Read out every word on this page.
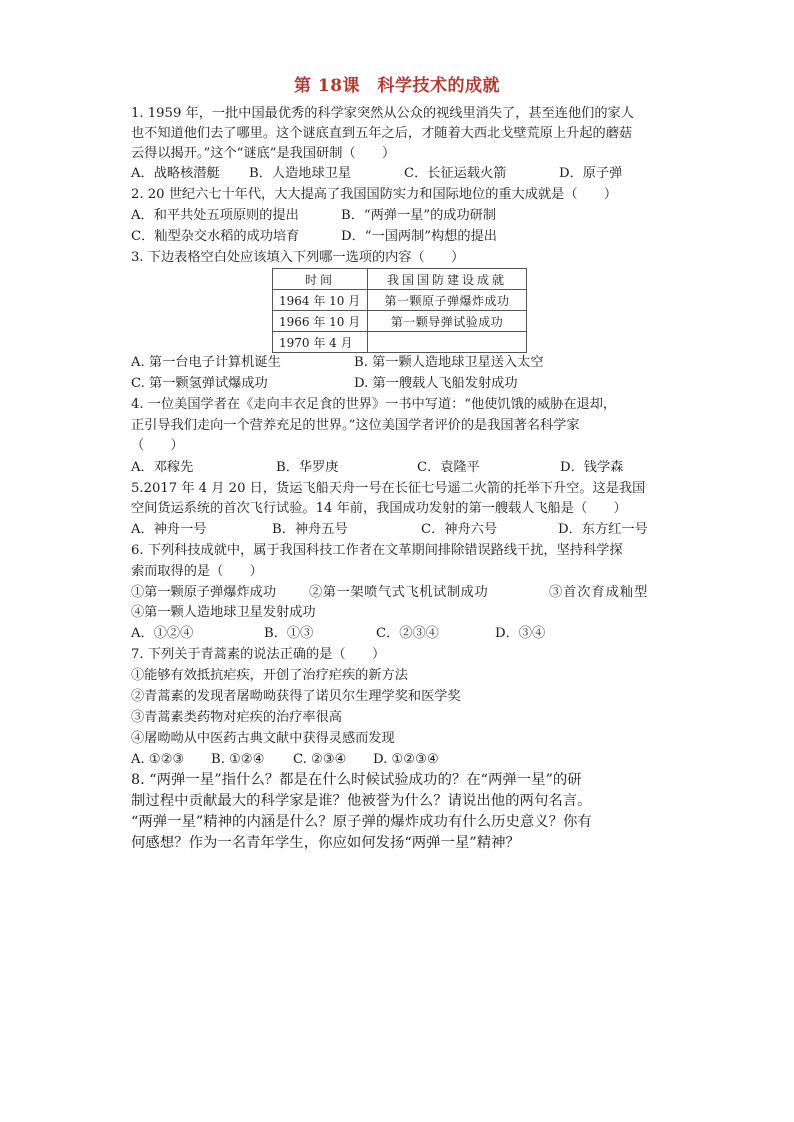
第 18课　科学技术的成就
1. 1959 年，一批中国最优秀的科学家突然从公众的视线里消失了，甚至连他们的家人
也不知道他们去了哪里。这个谜底直到五年之后，才随着大西北戈壁荒原上升起的蘑菇
云得以揭开。”这个“谜底”是我国研制（　　）
A．战略核潜艇 B．人造地球卫星	C．长征运载火箭	D．原子弹
2. 20 世纪六七十年代，大大提高了我国国防实力和国际地位的重大成就是（　　）
A．和平共处五项原则的提出	B．“两弹一星”的成功研制
C．籼型杂交水稻的成功培育	D．“一国两制”构想的提出
3. 下边表格空白处应该填入下列哪一选项的内容（　　）
时间	我国国防建设成就
1964 年 10 月	第一颗原子弹爆炸成功
1966 年 10 月	第一颗导弹试验成功
1970 年 4 月	
A. 第一台电子计算机诞生	B. 第一颗人造地球卫星送入太空
C. 第一颗氢弹试爆成功	D. 第一艘载人飞船发射成功
4. 一位美国学者在《走向丰衣足食的世界》一书中写道：“他使饥饿的威胁在退却，
正引导我们走向一个营养充足的世界。”这位美国学者评价的是我国著名科学家
（　　）
A．邓稼先	B．华罗庚	C．袁隆平	D．钱学森
5.2017 年 4 月 20 日，货运飞船天舟一号在长征七号遥二火箭的托举下升空。这是我国
空间货运系统的首次飞行试验。14 年前，我国成功发射的第一艘载人飞船是（　　）
A．神舟一号	B．神舟五号	C．神舟六号	D．东方红一号
6. 下列科技成就中，属于我国科技工作者在文革期间排除错误路线干扰，坚持科学探
索而取得的是（　　）
①第一颗原子弹爆炸成功 ②第一架喷气式飞机试制成功	③首次育成籼型
④第一颗人造地球卫星发射成功
A．①②④	B．①③	C．②③④	D．③④
7. 下列关于青蒿素的说法正确的是（　　）
①能够有效抵抗疟疾，开创了治疗疟疾的新方法
②青蒿素的发现者屠呦呦获得了诺贝尔生理学奖和医学奖
③青蒿素类药物对疟疾的治疗率很高
④屠呦呦从中医药古典文献中获得灵感而发现
A. ①②③ B. ①②④ C. ②③④ D. ①②③④
8. “两弹一星”指什么？都是在什么时候试验成功的？在“两弹一星”的研
制过程中贡献最大的科学家是谁？他被誉为什么？请说出他的两句名言。
“两弹一星”精神的内涵是什么？原子弹的爆炸成功有什么历史意义？你有
何感想？作为一名青年学生，你应如何发扬“两弹一星”精神？
